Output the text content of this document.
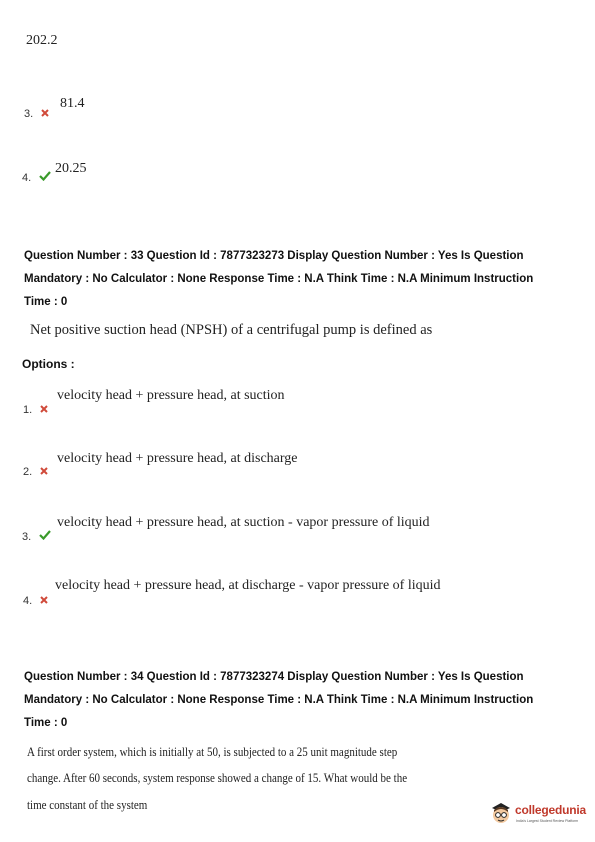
202.2
3.
81.4
4.
20.25
Question Number : 33 Question Id : 7877323273 Display Question Number : Yes Is Question
Mandatory : No Calculator : None Response Time : N.A Think Time : N.A Minimum Instruction
Time : 0
Net positive suction head (NPSH) of a centrifugal pump is defined as
Options :
1.
velocity head + pressure head, at suction
2.
velocity head + pressure head, at discharge
3.
velocity head + pressure head, at suction - vapor pressure of liquid
4.
velocity head + pressure head, at discharge - vapor pressure of liquid
Question Number : 34 Question Id : 7877323274 Display Question Number : Yes Is Question
Mandatory : No Calculator : None Response Time : N.A Think Time : N.A Minimum Instruction
Time : 0
A first order system, which is initially at 50, is subjected to a 25 unit magnitude step
change. After 60 seconds, system response showed a change of 15. What would be the
time constant of the system	collegedunia
India's Largest Student Review Platform
